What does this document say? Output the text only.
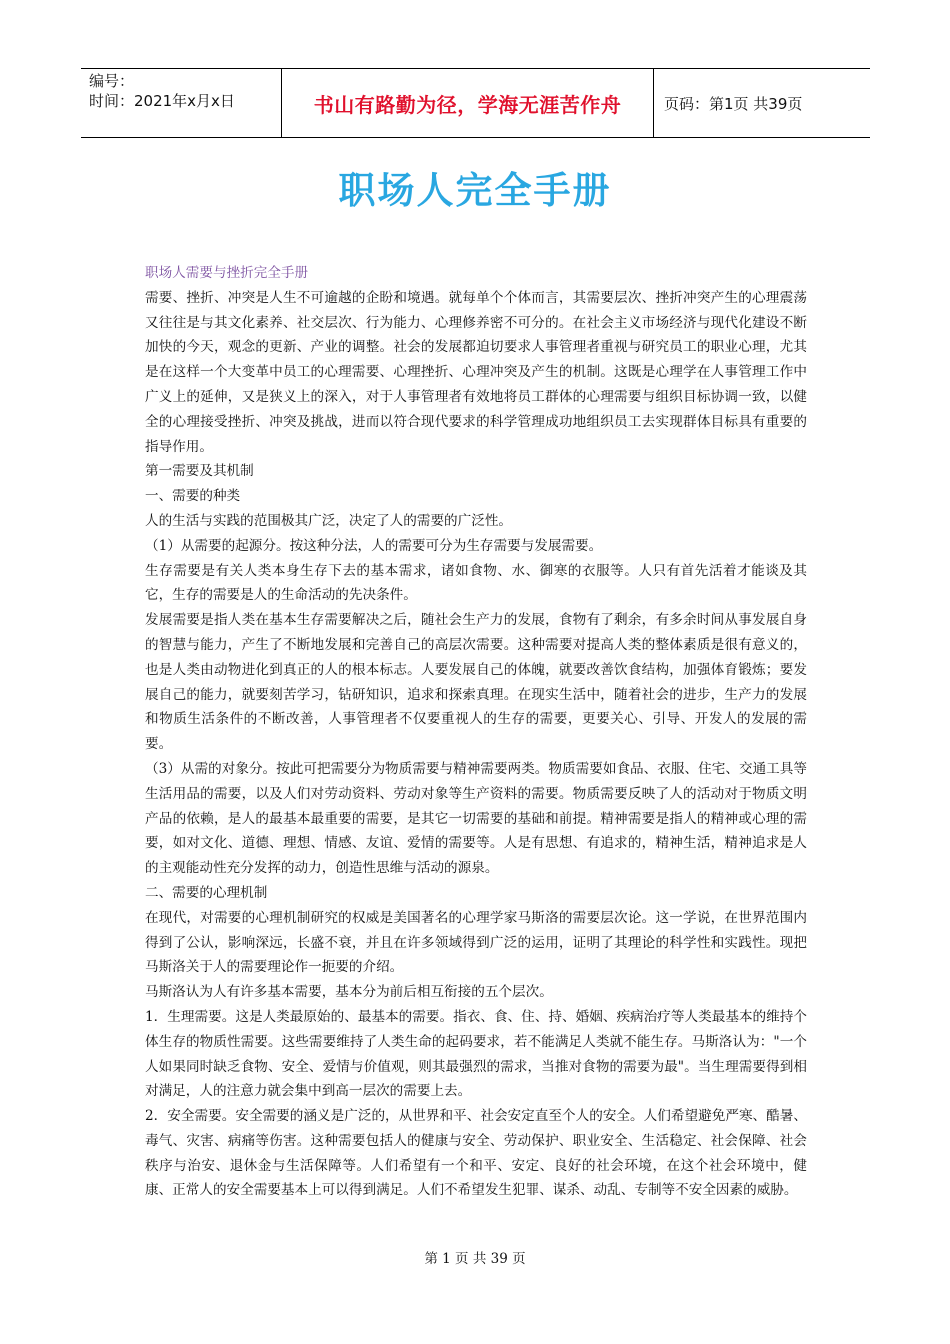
编号：
时间：2021年x月x日	书山有路勤为径，学海无涯苦作舟	页码：第1页 共39页
职场人完全手册

职场人需要与挫折完全手册

需要、挫折、冲突是人生不可逾越的企盼和境遇。就每单个个体而言，其需要层次、挫折冲突产生的心理震荡又往往是与其文化素养、社交层次、行为能力、心理修养密不可分的。在社会主义市场经济与现代化建设不断加快的今天，观念的更新、产业的调整。社会的发展都迫切要求人事管理者重视与研究员工的职业心理，尤其是在这样一个大变革中员工的心理需要、心理挫折、心理冲突及产生的机制。这既是心理学在人事管理工作中广义上的延伸，又是狭义上的深入，对于人事管理者有效地将员工群体的心理需要与组织目标协调一致，以健全的心理接受挫折、冲突及挑战，进而以符合现代要求的科学管理成功地组织员工去实现群体目标具有重要的指导作用。

第一需要及其机制

一、需要的种类

人的生活与实践的范围极其广泛，决定了人的需要的广泛性。

（1）从需要的起源分。按这种分法，人的需要可分为生存需要与发展需要。

生存需要是有关人类本身生存下去的基本需求，诸如食物、水、御寒的衣服等。人只有首先活着才能谈及其它，生存的需要是人的生命活动的先决条件。

发展需要是指人类在基本生存需要解决之后，随社会生产力的发展，食物有了剩余，有多余时间从事发展自身的智慧与能力，产生了不断地发展和完善自己的高层次需要。这种需要对提高人类的整体素质是很有意义的，也是人类由动物进化到真正的人的根本标志。人要发展自己的体魄，就要改善饮食结构，加强体育锻炼；要发展自己的能力，就要刻苦学习，钻研知识，追求和探索真理。在现实生活中，随着社会的进步，生产力的发展和物质生活条件的不断改善，人事管理者不仅要重视人的生存的需要，更要关心、引导、开发人的发展的需要。

（3）从需的对象分。按此可把需要分为物质需要与精神需要两类。物质需要如食品、衣服、住宅、交通工具等生活用品的需要，以及人们对劳动资料、劳动对象等生产资料的需要。物质需要反映了人的活动对于物质文明产品的依赖，是人的最基本最重要的需要，是其它一切需要的基础和前提。精神需要是指人的精神或心理的需要，如对文化、道德、理想、情感、友谊、爱情的需要等。人是有思想、有追求的，精神生活，精神追求是人的主观能动性充分发挥的动力，创造性思维与活动的源泉。

二、需要的心理机制

在现代，对需要的心理机制研究的权威是美国著名的心理学家马斯洛的需要层次论。这一学说，在世界范围内得到了公认，影响深远，长盛不衰，并且在许多领域得到广泛的运用，证明了其理论的科学性和实践性。现把马斯洛关于人的需要理论作一扼要的介绍。

马斯洛认为人有许多基本需要，基本分为前后相互衔接的五个层次。

1．生理需要。这是人类最原始的、最基本的需要。指衣、食、住、持、婚姻、疾病治疗等人类最基本的维持个体生存的物质性需要。这些需要维持了人类生命的起码要求，若不能满足人类就不能生存。马斯洛认为："一个人如果同时缺乏食物、安全、爱情与价值观，则其最强烈的需求，当推对食物的需要为最"。当生理需要得到相对满足，人的注意力就会集中到高一层次的需要上去。

2．安全需要。安全需要的涵义是广泛的，从世界和平、社会安定直至个人的安全。人们希望避免严寒、酷暑、毒气、灾害、病痛等伤害。这种需要包括人的健康与安全、劳动保护、职业安全、生活稳定、社会保障、社会秩序与治安、退休金与生活保障等。人们希望有一个和平、安定、良好的社会环境，在这个社会环境中，健康、正常人的安全需要基本上可以得到满足。人们不希望发生犯罪、谋杀、动乱、专制等不安全因素的威胁。

第 1 页 共 39 页
